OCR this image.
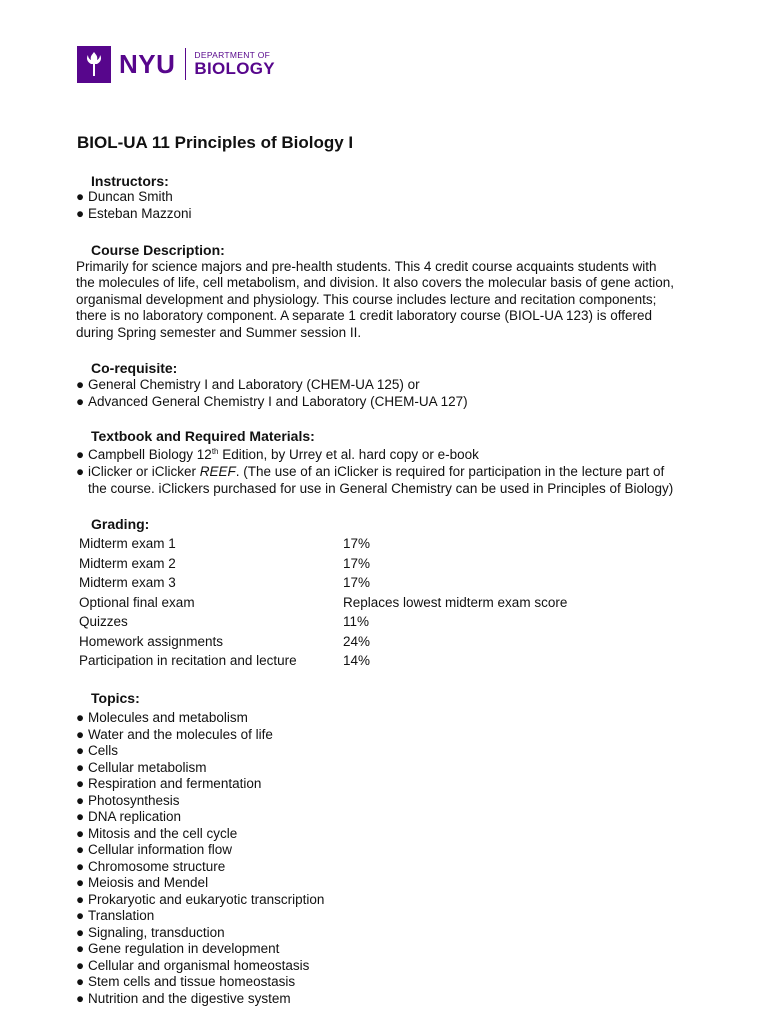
NYU DEPARTMENT OF
BIOLOGY
BIOL-UA 11 Principles of Biology I
Instructors:
● Duncan Smith
● Esteban Mazzoni
Course Description:
Primarily for science majors and pre-health students. This 4 credit course acquaints students with
the molecules of life, cell metabolism, and division. It also covers the molecular basis of gene action,
organismal development and physiology. This course includes lecture and recitation components;
there is no laboratory component. A separate 1 credit laboratory course (BIOL-UA 123) is offered
during Spring semester and Summer session II.
Co-requisite:
● General Chemistry I and Laboratory (CHEM-UA 125) or
● Advanced General Chemistry I and Laboratory (CHEM-UA 127)
Textbook and Required Materials:
● Campbell Biology 12th Edition, by Urrey et al. hard copy or e-book
● iClicker or iClicker REEF. (The use of an iClicker is required for participation in the lecture part of
the course. iClickers purchased for use in General Chemistry can be used in Principles of Biology)
Grading:
Midterm exam 1	17%
Midterm exam 2	17%
Midterm exam 3	17%
Optional final exam	Replaces lowest midterm exam score
Quizzes	11%
Homework assignments	24%
Participation in recitation and lecture	14%
Topics:
● Molecules and metabolism
● Water and the molecules of life
● Cells
● Cellular metabolism
● Respiration and fermentation
● Photosynthesis
● DNA replication
● Mitosis and the cell cycle
● Cellular information flow
● Chromosome structure
● Meiosis and Mendel
● Prokaryotic and eukaryotic transcription
● Translation
● Signaling, transduction
● Gene regulation in development
● Cellular and organismal homeostasis
● Stem cells and tissue homeostasis
● Nutrition and the digestive system
